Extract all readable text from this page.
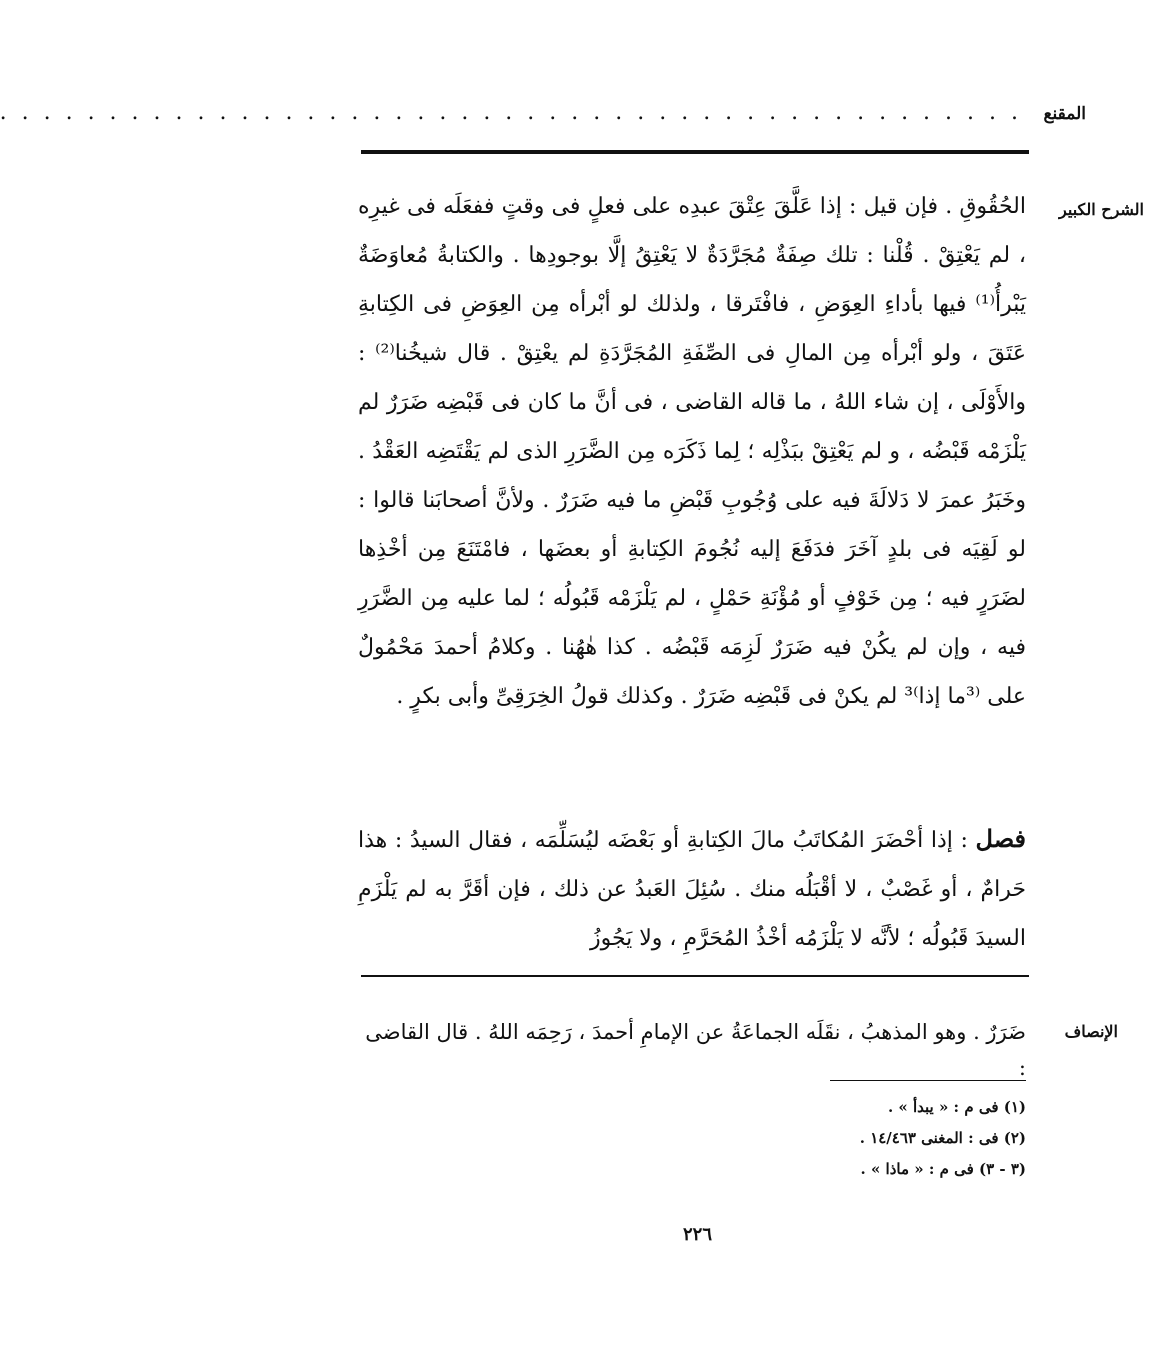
المقنع
. . . . . . . . . . . . . . . . . . . . . . . . . . . . . . . . . . . . . . . . . . . . . . .
الشرح الكبير

الحُقُوقِ . فإن قيل : إذا عَلَّقَ عِتْقَ عبدِه على فعلٍ فى وقتٍ ففعَلَه فى غيرِه ، لم يَعْتِقْ . قُلْنا : تلك صِفَةٌ مُجَرَّدَةٌ لا يَعْتِقُ إلَّا بوجودِها . والكتابةُ مُعاوَضَةٌ يَبْرأُ⁽¹⁾ فيها بأداءِ العِوَضِ ، فافْتَرقا ، ولذلك لو أبْرأه مِن العِوَضِ فى الكِتابةِ عَتَقَ ، ولو أبْرأه مِن المالِ فى الصِّفَةِ المُجَرَّدَةِ لم يعْتِقْ . قال شيخُنا⁽²⁾ : والأَوْلَى ، إن شاء اللهُ ، ما قاله القاضى ، فى أنَّ ما كان فى قَبْضِه ضَرَرٌ لم يَلْزَمْه قَبْضُه ، و لم يَعْتِقْ ببَذْلِه ؛ لِما ذَكَرَه مِن الضَّرَرِ الذى لم يَقْتَضِه العَقْدُ . وخَبَرُ عمرَ لا دَلالَةَ فيه على وُجُوبِ قَبْضِ ما فيه ضَرَرٌ . ولأنَّ أصحابَنا قالوا : لو لَقِيَه فى بلدٍ آخَرَ فدَفَعَ إليه نُجُومَ الكِتابةِ أو بعضَها ، فامْتَنَعَ مِن أخْذِها لضَرَرٍ فيه ؛ مِن خَوْفٍ أو مُؤْنَةِ حَمْلٍ ، لم يَلْزَمْه قَبُولُه ؛ لما عليه مِن الضَّرَرِ فيه ، وإن لم يكُنْ فيه ضَرَرٌ لَزِمَه قَبْضُه . كذا هٰهُنا . وكلامُ أحمدَ مَحْمُولٌ على ⁽³ما إذا⁾³ لم يكنْ فى قَبْضِه ضَرَرٌ . وكذلك قولُ الخِرَقِىِّ وأبى بكرٍ .

فصل : إذا أحْضَرَ المُكاتَبُ مالَ الكِتابةِ أو بَعْضَه ليُسَلِّمَه ، فقال السيدُ : هذا حَرامٌ ، أو غَصْبٌ ، لا أقْبَلُه منك . سُئِلَ العَبدُ عن ذلك ، فإن أقَرَّ به لم يَلْزَمِ السيدَ قَبُولُه ؛ لأنَّه لا يَلْزَمُه أخْذُ المُحَرَّمِ ، ولا يَجُوزُ
الإنصاف
ضَرَرٌ . وهو المذهبُ ، نقَلَه الجماعَةُ عن الإمامِ أحمدَ ، رَحِمَه اللهُ . قال القاضى :
(١) فى م : « يبدأ » .
(٢) فى : المغنى ١٤/٤٦٣ .
(٣ - ٣) فى م : « ماذا » .
٢٢٦
